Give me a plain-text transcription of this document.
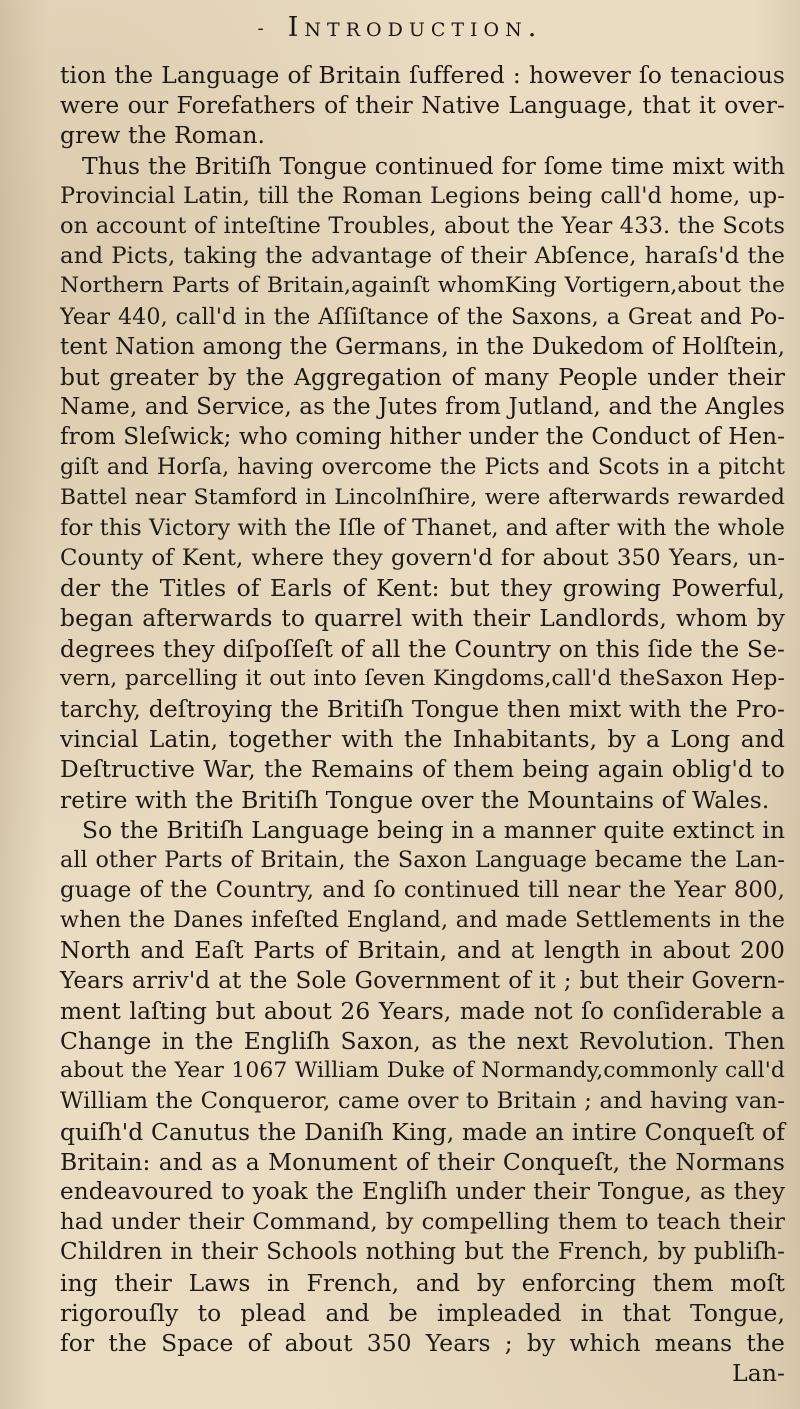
- Introduction.
tion the Language of Britain ſuffered : however ſo tenacious
were our Forefathers of their Native Language, that it over-
grew the Roman.
Thus the Britiſh Tongue continued for ſome time mixt with
Provincial Latin, till the Roman Legions being call'd home, up-
on account of inteſtine Troubles, about the Year 433. the Scots
and Picts, taking the advantage of their Abſence, haraſs'd the
Northern Parts of Britain,againſt whomKing Vortigern,about the
Year 440, call'd in the Aſſiſtance of the Saxons, a Great and Po-
tent Nation among the Germans, in the Dukedom of Holſtein,
but greater by the Aggregation of many People under their
Name, and Service, as the Jutes from Jutland, and the Angles
from Sleſwick; who coming hither under the Conduct of Hen-
giſt and Horſa, having overcome the Picts and Scots in a pitcht
Battel near Stamford in Lincolnſhire, were afterwards rewarded
for this Victory with the Iſle of Thanet, and after with the whole
County of Kent, where they govern'd for about 350 Years, un-
der the Titles of Earls of Kent: but they growing Powerful,
began afterwards to quarrel with their Landlords, whom by
degrees they diſpoſſeſt of all the Country on this ſide the Se-
vern, parcelling it out into ſeven Kingdoms,call'd theSaxon Hep-
tarchy, deſtroying the Britiſh Tongue then mixt with the Pro-
vincial Latin, together with the Inhabitants, by a Long and
Deſtructive War, the Remains of them being again oblig'd to
retire with the Britiſh Tongue over the Mountains of Wales.
So the Britiſh Language being in a manner quite extinct in
all other Parts of Britain, the Saxon Language became the Lan-
guage of the Country, and ſo continued till near the Year 800,
when the Danes infeſted England, and made Settlements in the
North and Eaſt Parts of Britain, and at length in about 200
Years arriv'd at the Sole Government of it ; but their Govern-
ment laſting but about 26 Years, made not ſo conſiderable a
Change in the Engliſh Saxon, as the next Revolution. Then
about the Year 1067 William Duke of Normandy,commonly call'd
William the Conqueror, came over to Britain ; and having van-
quiſh'd Canutus the Daniſh King, made an intire Conqueſt of
Britain: and as a Monument of their Conqueſt, the Normans
endeavoured to yoak the Engliſh under their Tongue, as they
had under their Command, by compelling them to teach their
Children in their Schools nothing but the French, by publiſh-
ing their Laws in French, and by enforcing them moſt
rigorouſly to plead and be impleaded in that Tongue,
for the Space of about 350 Years ; by which means the
Lan-
